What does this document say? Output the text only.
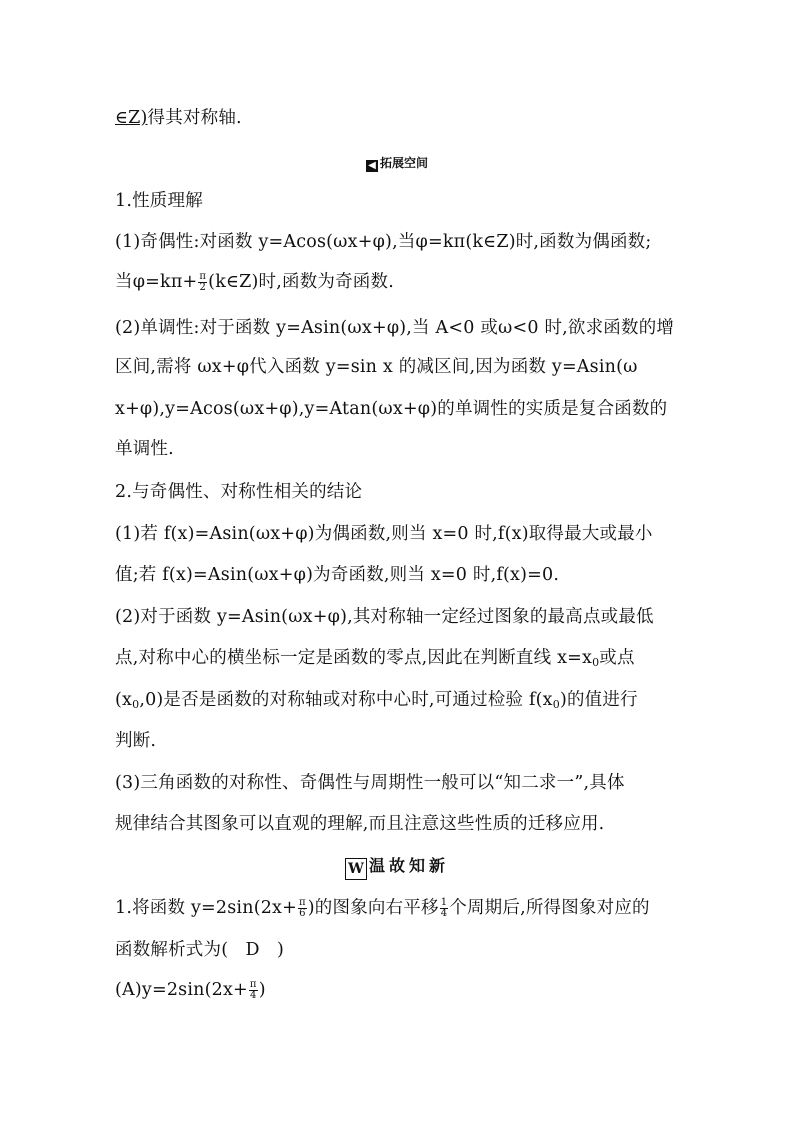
∈Z)得其对称轴.
◀ 拓展空间
1.性质理解
(1)奇偶性:对函数 y=Acos(ωx+φ),当φ=kπ(k∈Z)时,函数为偶函数;
当$\varphi=k\pi+ \frac{\pi}{2}$ (k∈Z)时,函数为奇函数.
(2)单调性:对于函数 y=Asin(ωx+φ),当 A<0 或ω<0 时,欲求函数的增
区间,需将 ωx+φ代入函数 y=sin x 的减区间,因为函数 y=Asin(ω
x+φ),y=Acos(ωx+φ),y=Atan(ωx+φ)的单调性的实质是复合函数的
单调性.
2.与奇偶性、对称性相关的结论
(1)若 f(x)=Asin(ωx+φ)为偶函数,则当 x=0 时,f(x)取得最大或最小
值;若 f(x)=Asin(ωx+φ)为奇函数,则当 x=0 时,f(x)=0.
(2)对于函数 y=Asin(ωx+φ),其对称轴一定经过图象的最高点或最低
点,对称中心的横坐标一定是函数的零点,因此在判断直线 $x=x_0$或点
$(x_0,0)$是否是函数的对称轴或对称中心时,可通过检验 $f(x_0)$的值进行
判断.
(3)三角函数的对称性、奇偶性与周期性一般可以“知二求一”,具体
规律结合其图象可以直观的理解,而且注意这些性质的迁移应用.
W 温故知新
1.将函数 $y=2\sin(2x+ \frac{\pi}{6}$ )的图象向右平移 $\frac{1}{4}$ 个周期后,所得图象对应的
函数解析式为(   D   )
$(A)y=2\sin(2x+ \frac{\pi}{4}$ )
